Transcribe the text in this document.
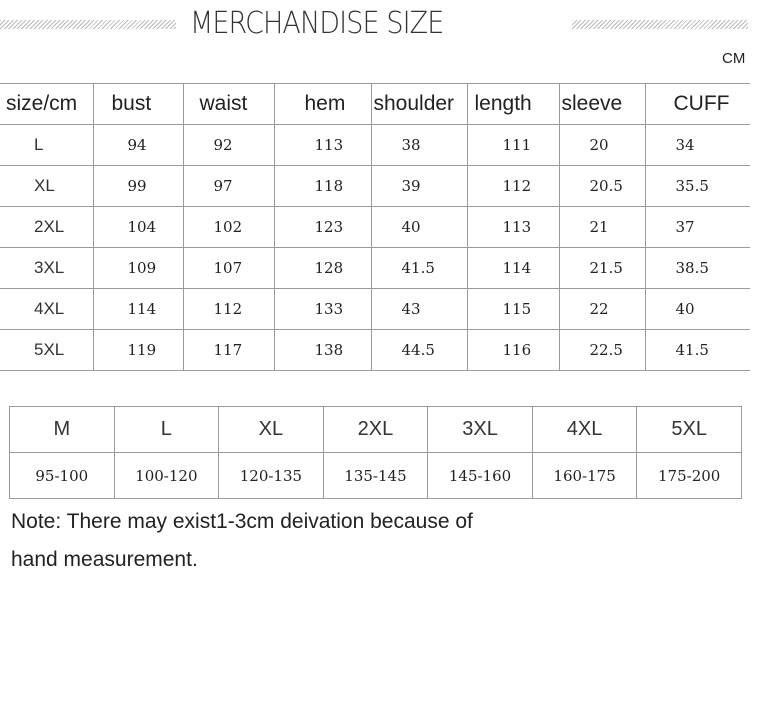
MERCHANDISE SIZE
CM
size/cm	bust	waist	hem	shoulder	length	sleeve	CUFF
L	94	92	113	38	111	20	34
XL	99	97	118	39	112	20.5	35.5
2XL	104	102	123	40	113	21	37
3XL	109	107	128	41.5	114	21.5	38.5
4XL	114	112	133	43	115	22	40
5XL	119	117	138	44.5	116	22.5	41.5
M	L	XL	2XL	3XL	4XL	5XL
95-100	100-120	120-135	135-145	145-160	160-175	175-200
Note: There may exist1-3cm deivation because of
hand measurement.
